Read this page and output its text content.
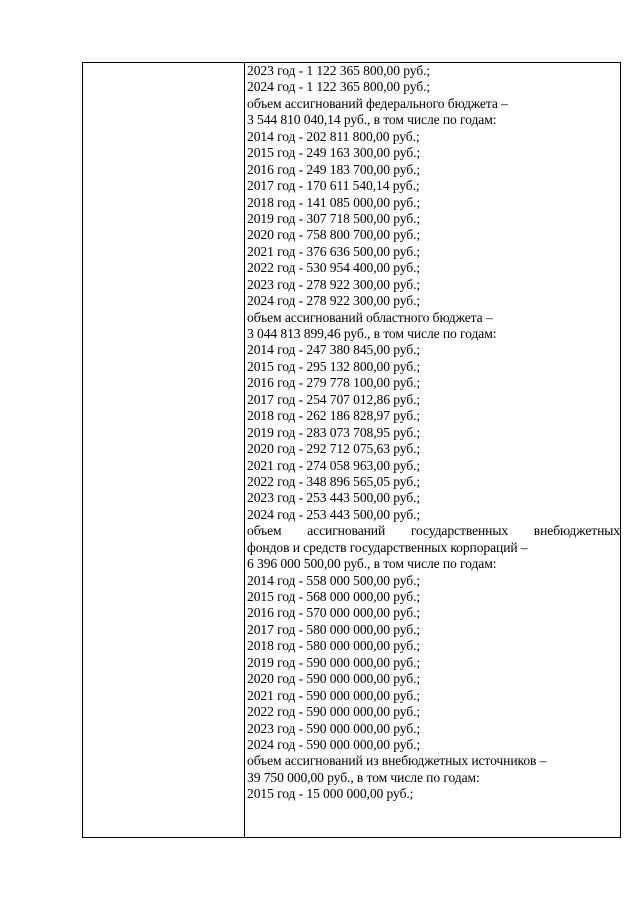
2023 год - 1 122 365 800,00 руб.;
2024 год - 1 122 365 800,00 руб.;
объем ассигнований федерального бюджета –
3 544 810 040,14 руб., в том числе по годам:
2014 год - 202 811 800,00 руб.;
2015 год - 249 163 300,00 руб.;
2016 год - 249 183 700,00 руб.;
2017 год - 170 611 540,14 руб.;
2018 год - 141 085 000,00 руб.;
2019 год - 307 718 500,00 руб.;
2020 год - 758 800 700,00 руб.;
2021 год - 376 636 500,00 руб.;
2022 год - 530 954 400,00 руб.;
2023 год - 278 922 300,00 руб.;
2024 год - 278 922 300,00 руб.;
объем ассигнований областного бюджета –
3 044 813 899,46 руб., в том числе по годам:
2014 год - 247 380 845,00 руб.;
2015 год - 295 132 800,00 руб.;
2016 год - 279 778 100,00 руб.;
2017 год - 254 707 012,86 руб.;
2018 год - 262 186 828,97 руб.;
2019 год - 283 073 708,95 руб.;
2020 год - 292 712 075,63 руб.;
2021 год - 274 058 963,00 руб.;
2022 год - 348 896 565,05 руб.;
2023 год - 253 443 500,00 руб.;
2024 год - 253 443 500,00 руб.;
объем ассигнований государственных внебюджетных
фондов и средств государственных корпораций –
6 396 000 500,00 руб., в том числе по годам:
2014 год - 558 000 500,00 руб.;
2015 год - 568 000 000,00 руб.;
2016 год - 570 000 000,00 руб.;
2017 год - 580 000 000,00 руб.;
2018 год - 580 000 000,00 руб.;
2019 год - 590 000 000,00 руб.;
2020 год - 590 000 000,00 руб.;
2021 год - 590 000 000,00 руб.;
2022 год - 590 000 000,00 руб.;
2023 год - 590 000 000,00 руб.;
2024 год - 590 000 000,00 руб.;
объем ассигнований из внебюджетных источников –
39 750 000,00 руб., в том числе по годам:
2015 год - 15 000 000,00 руб.;
